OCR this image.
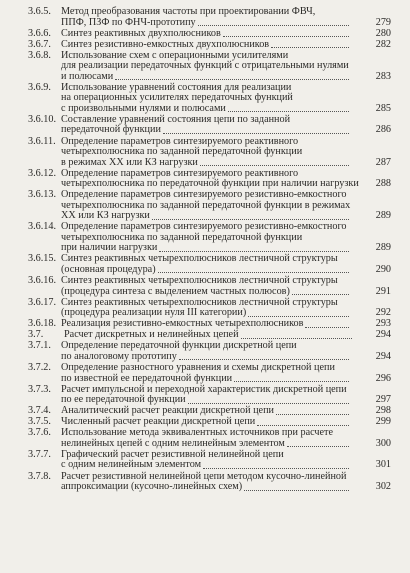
3.6.5. Метод преобразования частоты при проектировании ФВЧ,
ППФ, ПЗФ по ФНЧ-прототипу	279
3.6.6. Синтез реактивных двухполюсников	280
3.6.7. Синтез резистивно-емкостных двухполюсников	282
3.6.8. Использование схем с операционными усилителями
для реализации передаточных функций с отрицательными нулями
и полюсами	283
3.6.9. Использование уравнений состояния для реализации
на операционных усилителях передаточных функций
с произвольными нулями и полюсами	285
3.6.10. Составление уравнений состояния цепи по заданной
передаточной функции	286
3.6.11. Определение параметров синтезируемого реактивного
четырехполюсника по заданной передаточной функции
в режимах XX или КЗ нагрузки	287
3.6.12. Определение параметров синтезируемого реактивного
четырехполюсника по передаточной функции при наличии нагрузки 288
3.6.13. Определение параметров синтезируемого резистивно-емкостного
четырехполюсника по заданной передаточной функции в режимах
XX или КЗ нагрузки	289
3.6.14. Определение параметров синтезируемого резистивно-емкостного
четырехполюсника по заданной передаточной функции
при наличии нагрузки	289
3.6.15. Синтез реактивных четырехполюсников лестничной структуры
(основная процедура)	290
3.6.16. Синтез реактивных четырехполюсников лестничной структуры
(процедура синтеза с выделением частных полюсов)	291
3.6.17. Синтез реактивных четырехполюсников лестничной структуры
(процедура реализации нуля III категории)	292
3.6.18. Реализация резистивно-емкостных четырехполюсников	293
3.7. Расчет дискретных и нелинейных цепей	294
3.7.1. Определение передаточной функции дискретной цепи
по аналоговому прототипу	294
3.7.2. Определение разностного уравнения и схемы дискретной цепи
по известной ее передаточной функции	296
3.7.3. Расчет импульсной и переходной характеристик дискретной цепи
по ее передаточной функции	297
3.7.4. Аналитический расчет реакции дискретной цепи	298
3.7.5. Численный расчет реакции дискретной цепи	299
3.7.6. Использование метода эквивалентных источников при расчете
нелинейных цепей с одним нелинейным элементом	300
3.7.7. Графический расчет резистивной нелинейной цепи
с одним нелинейным элементом	301
3.7.8. Расчет резистивной нелинейной цепи методом кусочно-линейной
аппроксимации (кусочно-линейных схем)	302
